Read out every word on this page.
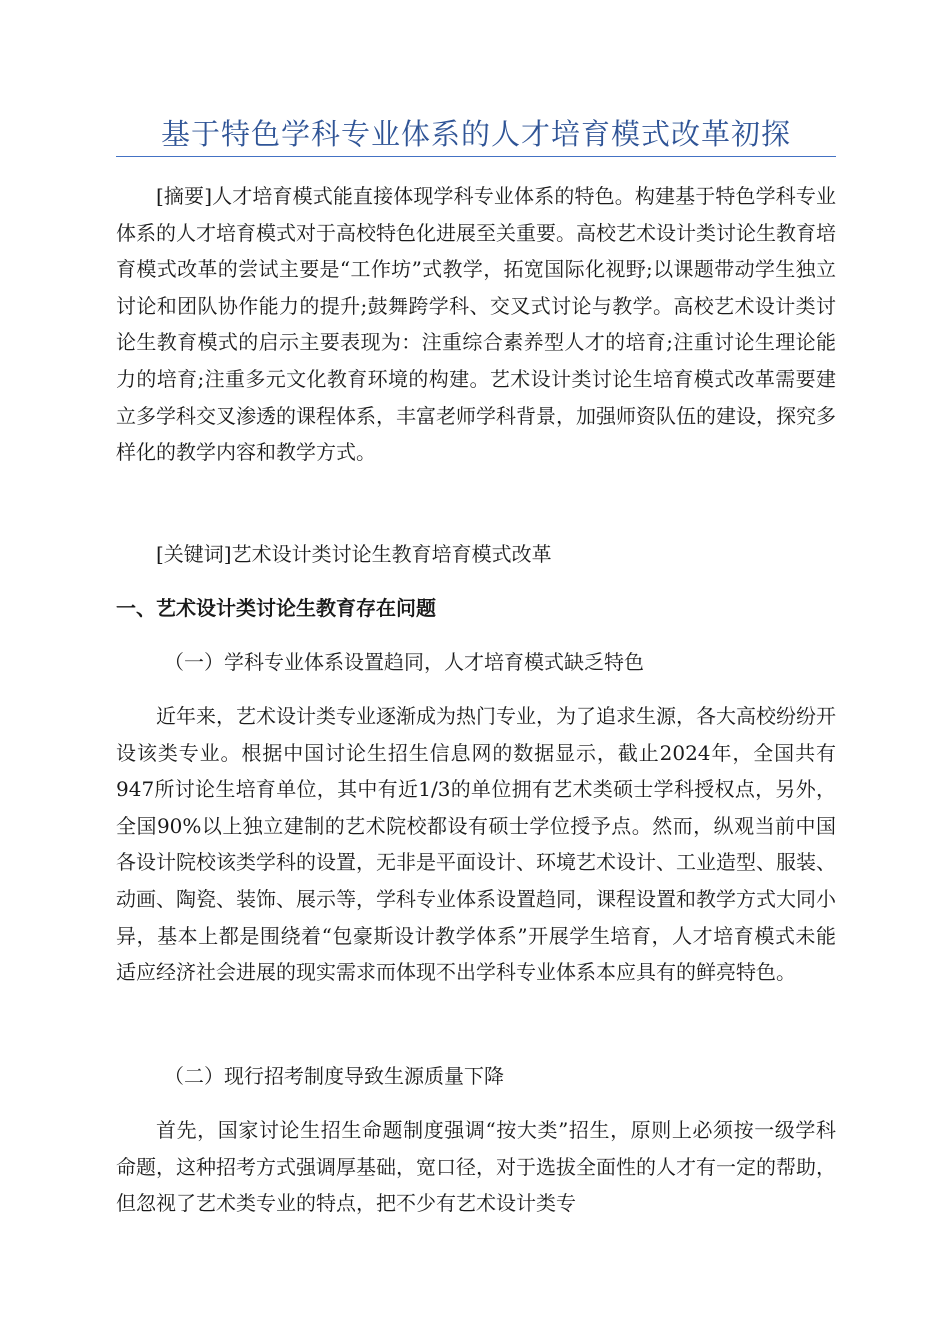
基于特色学科专业体系的人才培育模式改革初探

[摘要]人才培育模式能直接体现学科专业体系的特色。构建基于特色学科专业体系的人才培育模式对于高校特色化进展至关重要。高校艺术设计类讨论生教育培育模式改革的尝试主要是“工作坊”式教学，拓宽国际化视野;以课题带动学生独立讨论和团队协作能力的提升;鼓舞跨学科、交叉式讨论与教学。高校艺术设计类讨论生教育模式的启示主要表现为：注重综合素养型人才的培育;注重讨论生理论能力的培育;注重多元文化教育环境的构建。艺术设计类讨论生培育模式改革需要建立多学科交叉渗透的课程体系，丰富老师学科背景，加强师资队伍的建设，探究多样化的教学内容和教学方式。

[关键词]艺术设计类讨论生教育培育模式改革

一、艺术设计类讨论生教育存在问题

（一）学科专业体系设置趋同，人才培育模式缺乏特色

近年来，艺术设计类专业逐渐成为热门专业，为了追求生源，各大高校纷纷开设该类专业。根据中国讨论生招生信息网的数据显示，截止2024年，全国共有947所讨论生培育单位，其中有近1/3的单位拥有艺术类硕士学科授权点，另外，全国90%以上独立建制的艺术院校都设有硕士学位授予点。然而，纵观当前中国各设计院校该类学科的设置，无非是平面设计、环境艺术设计、工业造型、服装、动画、陶瓷、装饰、展示等，学科专业体系设置趋同，课程设置和教学方式大同小异，基本上都是围绕着“包豪斯设计教学体系”开展学生培育，人才培育模式未能适应经济社会进展的现实需求而体现不出学科专业体系本应具有的鲜亮特色。

（二）现行招考制度导致生源质量下降

首先，国家讨论生招生命题制度强调“按大类”招生，原则上必须按一级学科命题，这种招考方式强调厚基础，宽口径，对于选拔全面性的人才有一定的帮助，但忽视了艺术类专业的特点，把不少有艺术设计类专
